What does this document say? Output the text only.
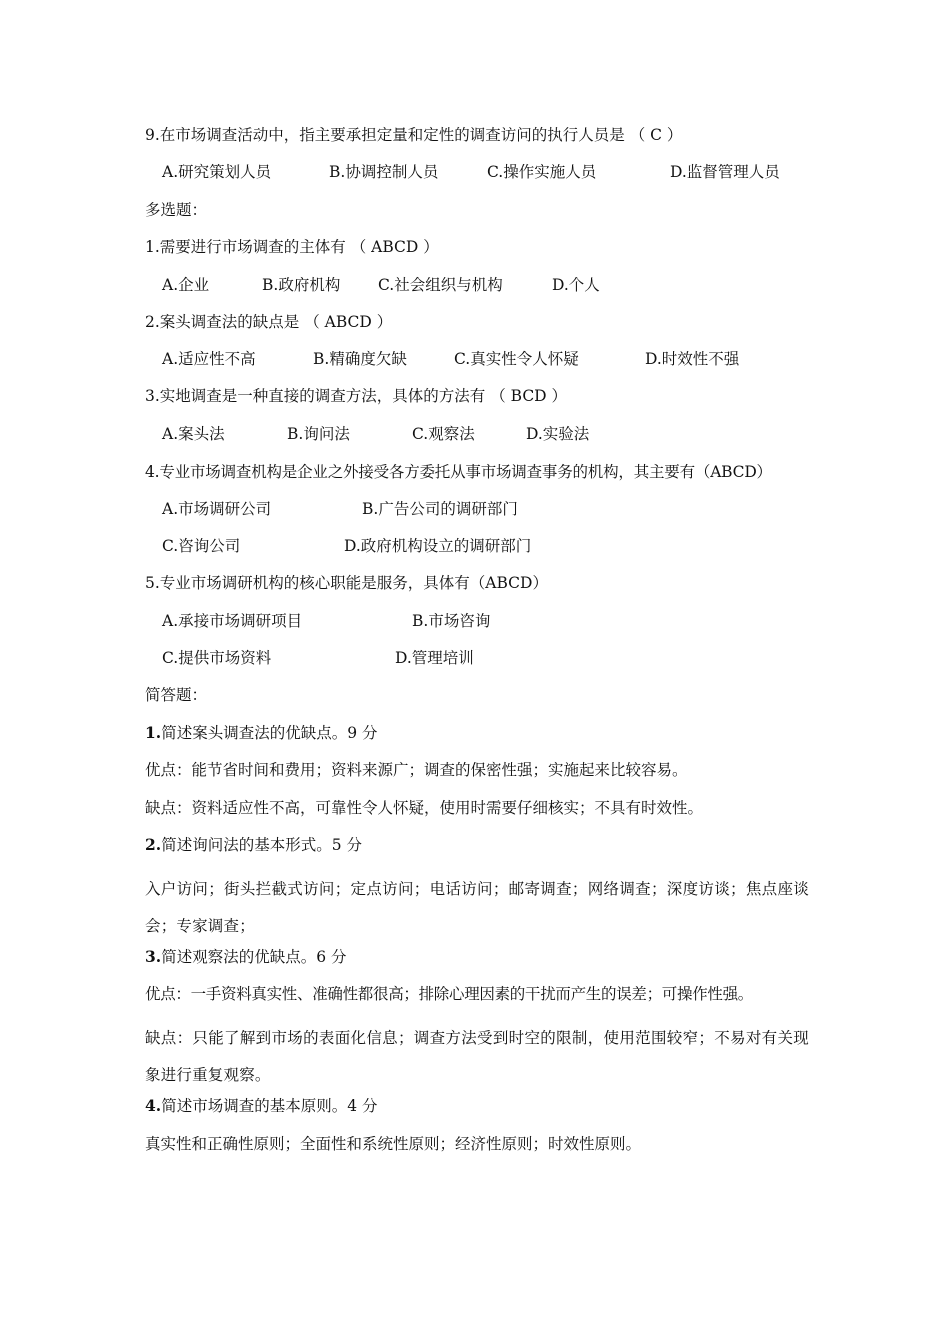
9.在市场调查活动中，指主要承担定量和定性的调查访问的执行人员是 （ C ）
A.研究策划人员	B.协调控制人员	C.操作实施人员	D.监督管理人员
多选题：
1.需要进行市场调查的主体有 （ ABCD ）
A.企业	B.政府机构 C.社会组织与机构	D.个人
2.案头调查法的缺点是 （ ABCD ）
A.适应性不高	B.精确度欠缺	C.真实性令人怀疑	D.时效性不强
3.实地调查是一种直接的调查方法，具体的方法有 （ BCD ）
A.案头法	B.询问法	C.观察法	D.实验法
4.专业市场调查机构是企业之外接受各方委托从事市场调查事务的机构，其主要有（ABCD）
A.市场调研公司	B.广告公司的调研部门
C.咨询公司	D.政府机构设立的调研部门
5.专业市场调研机构的核心职能是服务，具体有（ABCD）
A.承接市场调研项目	B.市场咨询
C.提供市场资料	D.管理培训
简答题：
1.简述案头调查法的优缺点。9 分
优点：能节省时间和费用；资料来源广；调查的保密性强；实施起来比较容易。
缺点：资料适应性不高，可靠性令人怀疑，使用时需要仔细核实；不具有时效性。
2.简述询问法的基本形式。5 分
入户访问；街头拦截式访问；定点访问；电话访问；邮寄调查；网络调查；深度访谈；焦点座谈会；专家调查；
3.简述观察法的优缺点。6 分
优点：一手资料真实性、准确性都很高；排除心理因素的干扰而产生的误差；可操作性强。
缺点：只能了解到市场的表面化信息；调查方法受到时空的限制，使用范围较窄；不易对有关现象进行重复观察。
4.简述市场调查的基本原则。4 分
真实性和正确性原则；全面性和系统性原则；经济性原则；时效性原则。
